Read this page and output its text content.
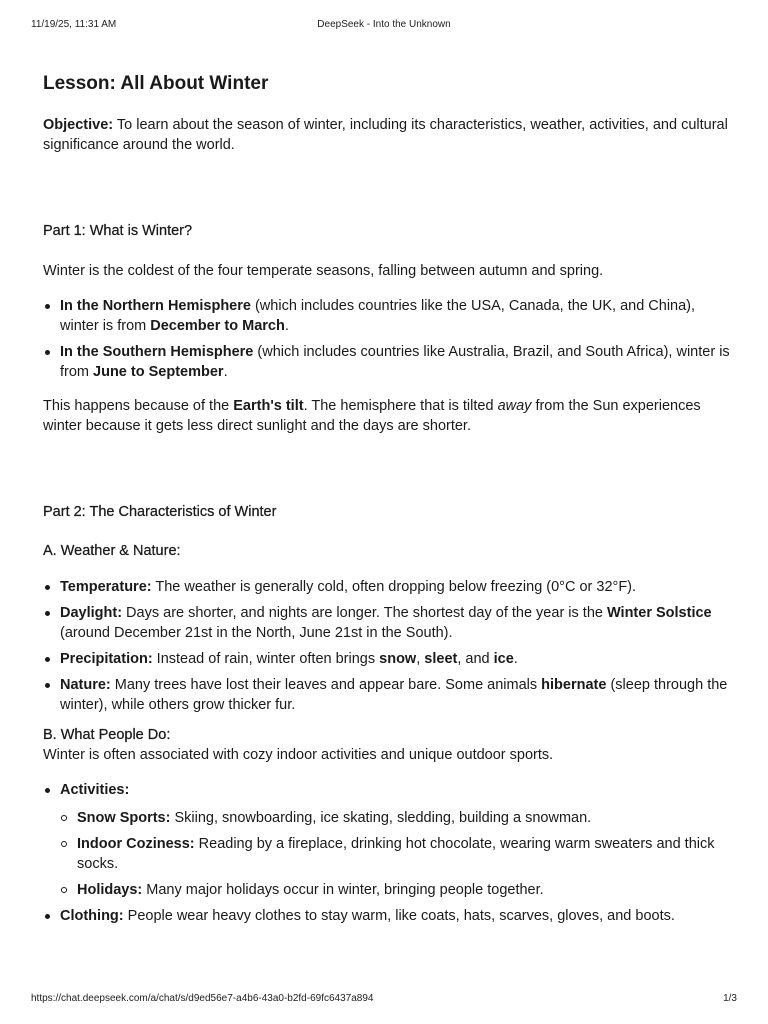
11/19/25, 11:31 AM	DeepSeek - Into the Unknown
Lesson: All About Winter

Objective: To learn about the season of winter, including its characteristics, weather, activities, and cultural significance around the world.

Part 1: What is Winter?

Winter is the coldest of the four temperate seasons, falling between autumn and spring.

In the Northern Hemisphere (which includes countries like the USA, Canada, the UK, and China), winter is from December to March.
In the Southern Hemisphere (which includes countries like Australia, Brazil, and South Africa), winter is from June to September.

This happens because of the Earth's tilt. The hemisphere that is tilted away from the Sun experiences winter because it gets less direct sunlight and the days are shorter.

Part 2: The Characteristics of Winter

A. Weather & Nature:

Temperature: The weather is generally cold, often dropping below freezing (0°C or 32°F).
Daylight: Days are shorter, and nights are longer. The shortest day of the year is the Winter Solstice (around December 21st in the North, June 21st in the South).
Precipitation: Instead of rain, winter often brings snow, sleet, and ice.
Nature: Many trees have lost their leaves and appear bare. Some animals hibernate (sleep through the winter), while others grow thicker fur.

B. What People Do:

Winter is often associated with cozy indoor activities and unique outdoor sports.

Activities:
Snow Sports: Skiing, snowboarding, ice skating, sledding, building a snowman.
Indoor Coziness: Reading by a fireplace, drinking hot chocolate, wearing warm sweaters and thick socks.
Holidays: Many major holidays occur in winter, bringing people together.
Clothing: People wear heavy clothes to stay warm, like coats, hats, scarves, gloves, and boots.
https://chat.deepseek.com/a/chat/s/d9ed56e7-a4b6-43a0-b2fd-69fc6437a894	1/3
